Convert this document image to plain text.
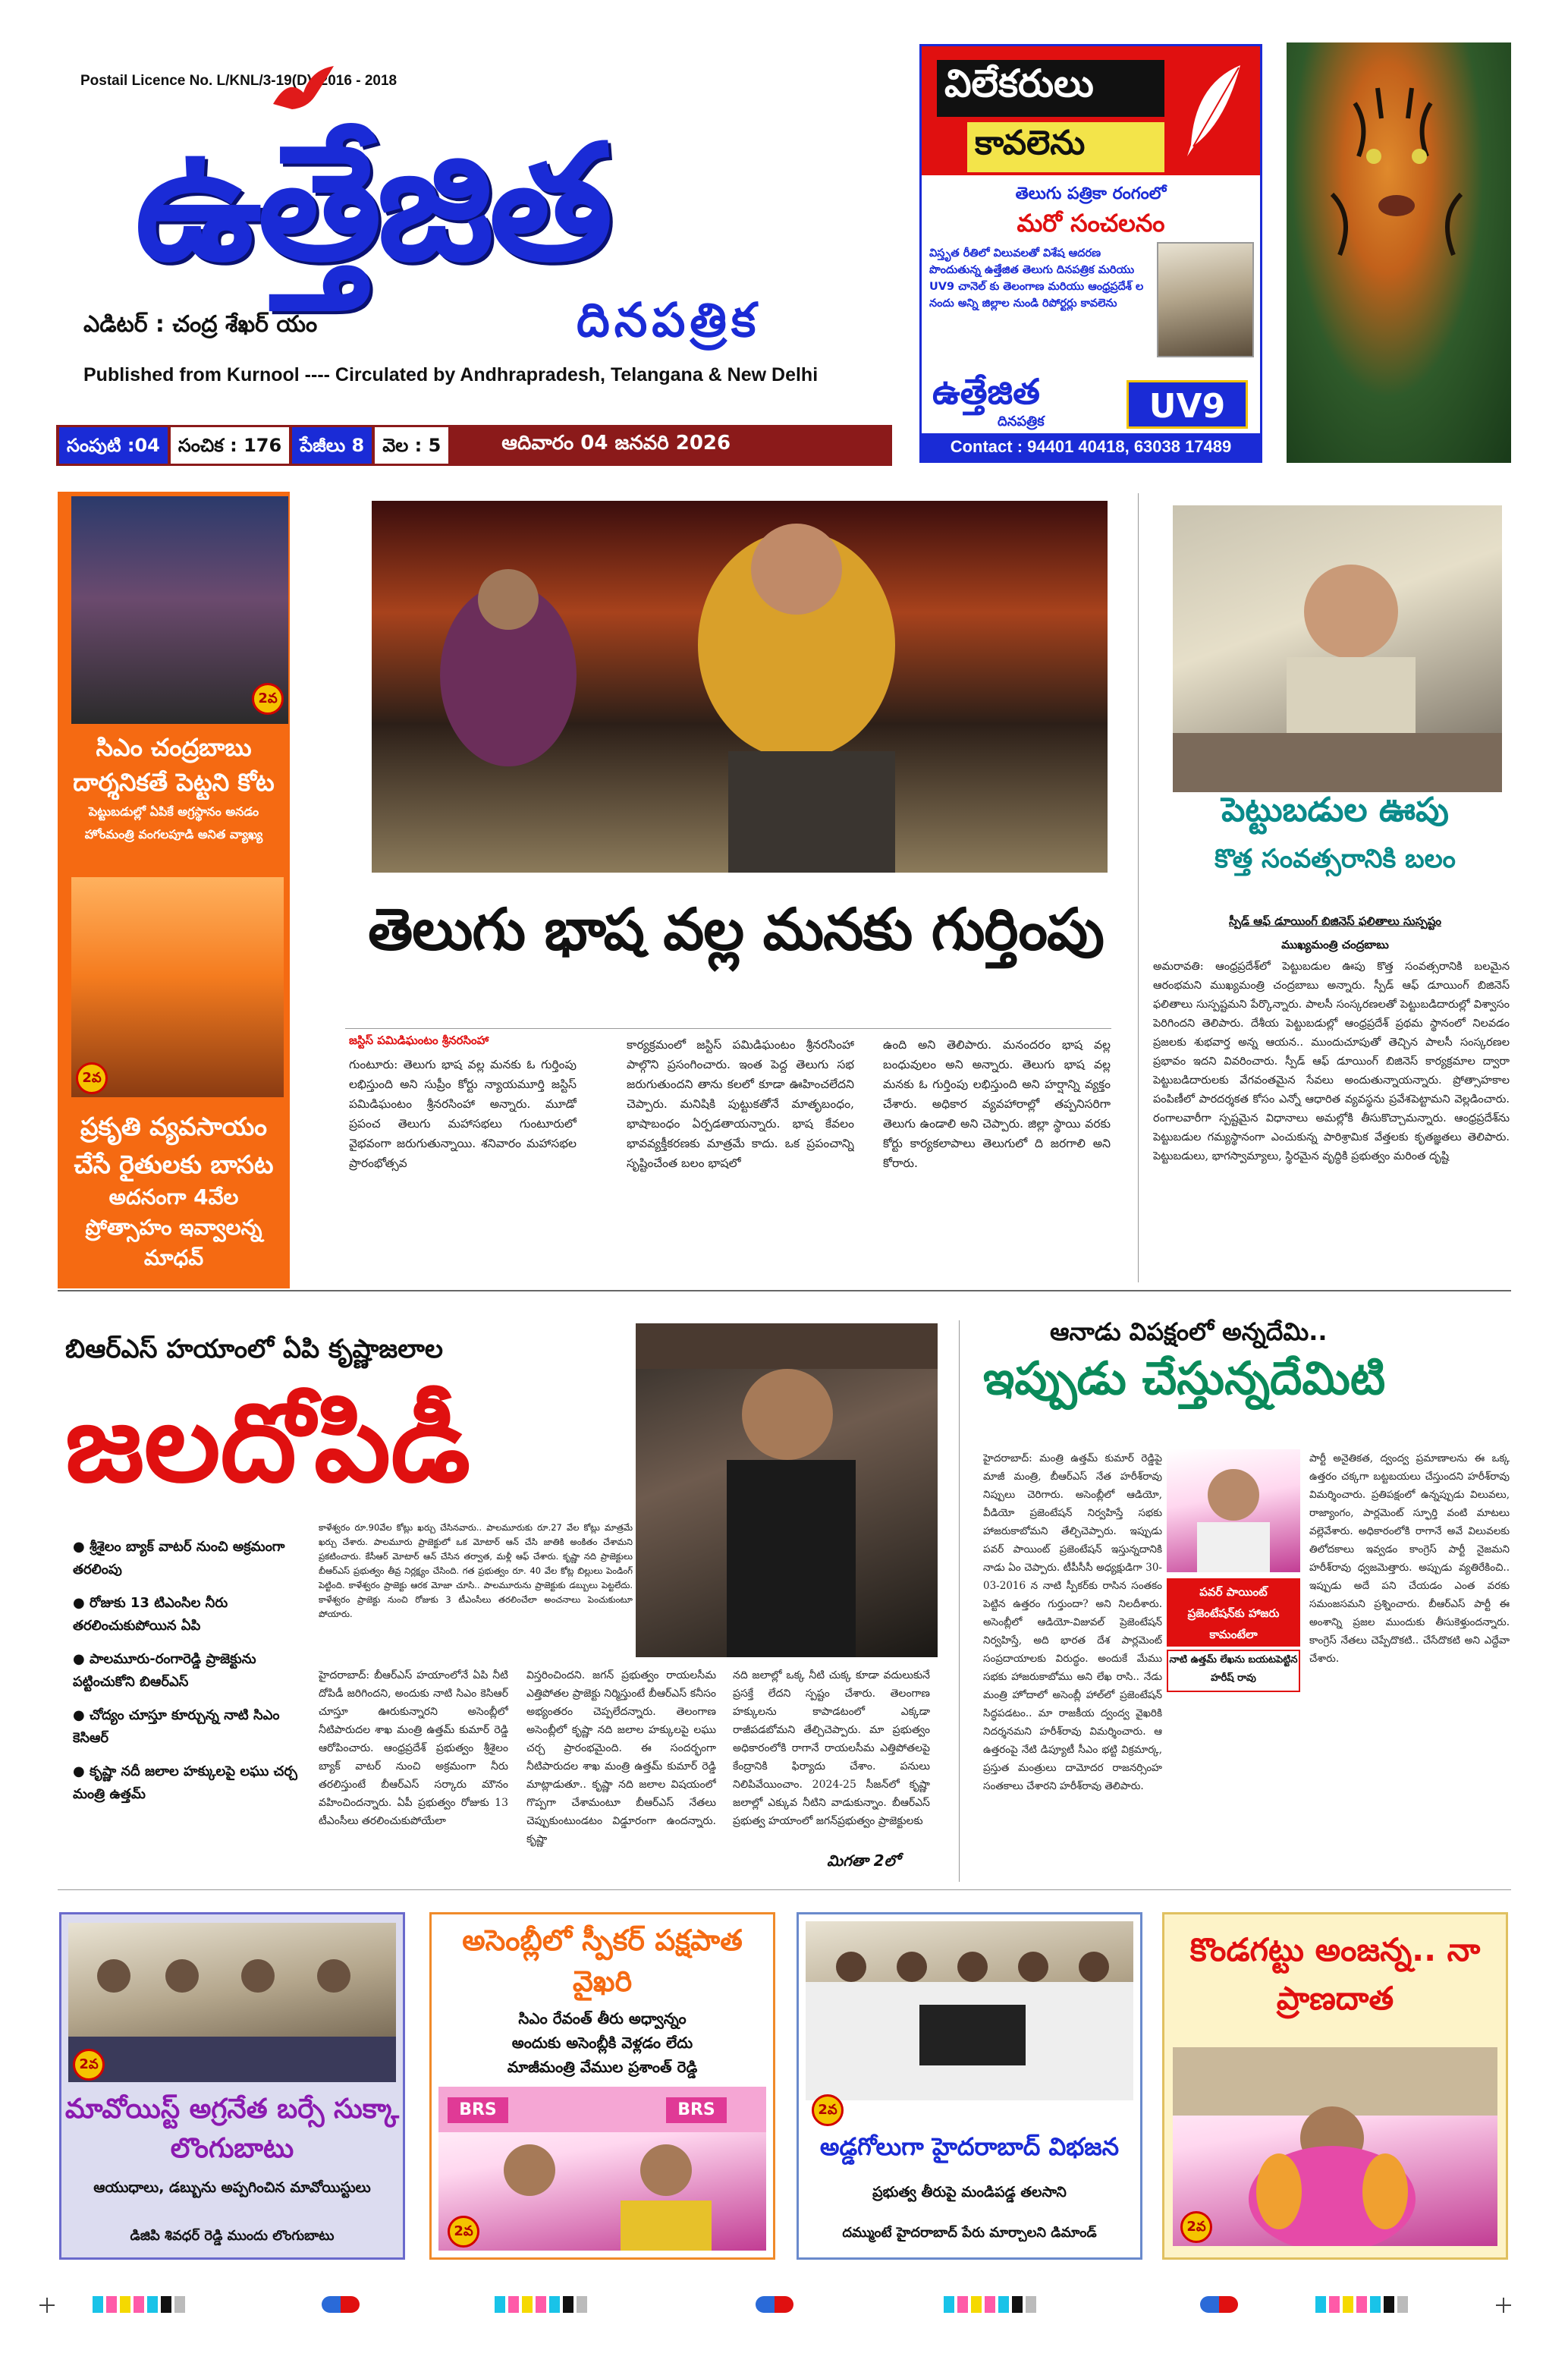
Postail Licence No. L/KNL/3-19(D). 2016 - 2018
ఉత్తేజిత
ఎడిటర్ : చంద్ర శేఖర్ యం	దినపత్రిక
Published from Kurnool ---- Circulated by Andhrapradesh, Telangana & New Delhi
సంపుటి :04	సంచిక : 176	పేజీలు 8	వెల : 5	ఆదివారం 04 జనవరి 2026
విలేకరులు
కావలెను
తెలుగు పత్రికా రంగంలో
మరో సంచలనం
విస్తృత రీతిలో విలువలతో విశేష ఆదరణ పొందుతున్న ఉత్తేజిత తెలుగు దినపత్రిక మరియు UV9 చానెల్ కు తెలంగాణ మరియు ఆంధ్రప్రదేశ్ ల నందు అన్ని జిల్లాల నుండి రిపోర్టర్లు కావలెను
ఉత్తేజిత
దినపత్రిక	UV9
Contact : 94401 40418, 63038 17489
2వ
సిఎం చంద్రబాబు దార్శనికతే పెట్టని కోట
పెట్టుబడుల్లో ఏపికే అగ్రస్థానం అనడం
హోంమంత్రి వంగలపూడి అనిత వ్యాఖ్య
2వ
ప్రకృతి వ్యవసాయం చేసే రైతులకు బాసట
అదనంగా 4వేల ప్రోత్సాహం ఇవ్వాలన్న మాధవ్
తెలుగు భాష వల్ల మనకు గుర్తింపు
జస్టిస్ పమిడిఘంటం శ్రీనరసింహా
గుంటూరు: తెలుగు భాష వల్ల మనకు ఓ గుర్తింపు లభిస్తుంది అని సుప్రీం కోర్టు న్యాయమూర్తి జస్టిస్ పమిడిఘంటం శ్రీనరసింహా అన్నారు. మూడో ప్రపంచ తెలుగు మహాసభలు గుంటూరులో వైభవంగా జరుగుతున్నాయి. శనివారం మహాసభల ప్రారంభోత్సవ
కార్యక్రమంలో జస్టిస్ పమిడిఘంటం శ్రీనరసింహా పాల్గొని ప్రసంగించారు. ఇంత పెద్ద తెలుగు సభ జరుగుతుందని తాను కలలో కూడా ఊహించలేదని చెప్పారు. మనిషికి పుట్టుకతోనే మాతృబంధం, భాషాబంధం ఏర్పడతాయన్నారు. భాష కేవలం భావవ్యక్తీకరణకు మాత్రమే కాదు. ఒక ప్రపంచాన్ని సృష్టించేంత బలం భాషలో
ఉంది అని తెలిపారు. మనందరం భాష వల్ల బంధువులం అని అన్నారు. తెలుగు భాష వల్ల మనకు ఓ గుర్తింపు లభిస్తుంది అని హర్షాన్ని వ్యక్తం చేశారు. అధికార వ్యవహారాల్లో తప్పనిసరిగా తెలుగు ఉండాలి అని చెప్పారు. జిల్లా స్థాయి వరకు కోర్టు కార్యకలాపాలు తెలుగులో ది జరగాలి అని కోరారు.
పెట్టుబడుల ఊపు
కొత్త సంవత్సరానికి బలం
స్పీడ్ ఆఫ్ డూయింగ్ బిజినెస్ ఫలితాలు సుస్పష్టం
ముఖ్యమంత్రి చంద్రబాబు
అమరావతి: ఆంధ్రప్రదేశ్‌లో పెట్టుబడుల ఊపు కొత్త సంవత్సరానికి బలమైన ఆరంభమని ముఖ్యమంత్రి చంద్రబాబు అన్నారు. స్పీడ్ ఆఫ్ డూయింగ్ బిజినెస్ ఫలితాలు సుస్పష్టమని పేర్కొన్నారు. పాలసీ సంస్కరణలతో పెట్టుబడిదారుల్లో విశ్వాసం పెరిగిందని తెలిపారు. దేశీయ పెట్టుబడుల్లో ఆంధ్రప్రదేశ్ ప్రథమ స్థానంలో నిలవడం ప్రజలకు శుభవార్త అన్న ఆయన.. ముందుచూపుతో తెచ్చిన పాలసీ సంస్కరణల ప్రభావం ఇదని వివరించారు. స్పీడ్ ఆఫ్ డూయింగ్ బిజినెస్ కార్యక్రమాల ద్వారా పెట్టుబడిదారులకు వేగవంతమైన సేవలు అందుతున్నాయన్నారు. ప్రోత్సాహకాల పంపిణీలో పారదర్శకత కోసం ఎన్నో ఆధారిత వ్యవస్థను ప్రవేశపెట్టామని వెల్లడించారు. రంగాలవారీగా స్పష్టమైన విధానాలు అమల్లోకి తీసుకొచ్చామన్నారు. ఆంధ్రప్రదేశ్‌ను పెట్టుబడుల గమ్యస్థానంగా ఎంచుకున్న పారిశ్రామిక వేత్తలకు కృతజ్ఞతలు తెలిపారు. పెట్టుబడులు, భాగస్వామ్యాలు, స్థిరమైన వృద్ధికి ప్రభుత్వం మరింత దృష్టి
బిఆర్ఎస్ హయాంలో ఏపి కృష్ణాజలాల
జలదోపిడీ
● శ్రీశైలం బ్యాక్ వాటర్ నుంచి అక్రమంగా తరలింపు
● రోజుకు 13 టిఎంసిల నీరు తరలించుకుపోయిన ఏపి
● పాలమూరు-రంగారెడ్డి ప్రాజెక్టును పట్టించుకోని బిఆర్ఎస్
● చోద్యం చూస్తూ కూర్చున్న నాటి సిఎం కెసిఆర్
● కృష్ణా నదీ జలాల హక్కులపై లఘు చర్చ మంత్రి ఉత్తమ్
కాళేశ్వరం రూ.90వేల కోట్లు ఖర్చు చేసినవారు.. పాలమూరుకు రూ.27 వేల కోట్లు మాత్రమే ఖర్చు చేశారు. పాలమూరు ప్రాజెక్టులో ఒక మోటార్ ఆన్ చేసి జాతికి అంకితం చేశామని ప్రకటించారు. కేసీఆర్ మోటార్ ఆన్ చేసిన తర్వాత, మళ్లీ ఆఫ్ చేశారు. కృష్ణా నది ప్రాజెక్టులు బీఆర్ఎస్ ప్రభుత్వం తీవ్ర నిర్లక్ష్యం చేసింది. గత ప్రభుత్వం రూ. 40 వేల కోట్ల బిల్లులు పెండింగ్ పెట్టింది. కాళేశ్వరం ప్రాజెక్టు ఆరక మోజా చూసి.. పాలమూరును ప్రాజెక్టుకు డబ్బులు పెట్టలేదు. కాళేశ్వరం ప్రాజెక్టు నుంచి రోజుకు 3 టీఎంసీలు తరలించేలా అంచనాలు పెంచుకుంటూ పోయారు.
హైదరాబాద్: బీఆర్ఎస్ హయాంలోనే ఏపి నీటి దోపిడీ జరిగిందని, అందుకు నాటి సిఎం కెసిఆర్ చూస్తూ ఊరుకున్నారని అసెంబ్లీలో నీటిపారుదల శాఖ మంత్రి ఉత్తమ్ కుమార్ రెడ్డి ఆరోపించారు. ఆంధ్రప్రదేశ్ ప్రభుత్వం శ్రీశైలం బ్యాక్ వాటర్ నుంచి అక్రమంగా నీరు తరలిస్తుంటే బీఆర్ఎస్ సర్కారు మౌనం వహించిందన్నారు. ఏపీ ప్రభుత్వం రోజుకు 13 టీఎంసీలు తరలించుకుపోయేలా
విస్తరించిందని. జగన్ ప్రభుత్వం రాయలసీమ ఎత్తిపోతల ప్రాజెక్టు నిర్మిస్తుంటే బీఆర్ఎస్ కనీసం అభ్యంతరం చెప్పలేదన్నారు. తెలంగాణ అసెంబ్లీలో కృష్ణా నది జలాల హక్కులపై లఘు చర్చ ప్రారంభమైంది. ఈ సందర్భంగా నీటిపారుదల శాఖ మంత్రి ఉత్తమ్ కుమార్ రెడ్డి మాట్లాడుతూ.. కృష్ణా నది జలాల విషయంలో గొప్పగా చేశామంటూ బీఆర్ఎస్ నేతలు చెప్పుకుంటుండటం విడ్డూరంగా ఉందన్నారు. కృష్ణా
నది జలాల్లో ఒక్క నీటి చుక్క కూడా వదులుకునే ప్రసక్తే లేదని స్పష్టం చేశారు. తెలంగాణ హక్కులను కాపాడటంలో ఎక్కడా రాజీపడబోమని తేల్చిచెప్పారు. మా ప్రభుత్వం అధికారంలోకి రాగానే రాయలసీమ ఎత్తిపోతలపై కేంద్రానికి ఫిర్యాదు చేశాం. పనులు నిలిపివేయించాం. 2024-25 సీజన్‌లో కృష్ణా జలాల్లో ఎక్కువ నీటిని వాడుకున్నాం. బీఆర్ఎస్ ప్రభుత్వ హయాంలో జగన్‌ప్రభుత్వం ప్రాజెక్టులకు
మిగతా 2లో
ఆనాడు విపక్షంలో అన్నదేమి..
ఇప్పుడు చేస్తున్నదేమిటి
పవర్ పాయింట్ ప్రజెంటేషన్‌కు హాజరు కామంటేలా
నాటి ఉత్తమ్ లేఖను బయటపెట్టిన హరీష్ రావు
హైదరాబాద్: మంత్రి ఉత్తమ్ కుమార్ రెడ్డిపై మాజీ మంత్రి, బీఆర్ఎస్ నేత హరీశ్‌రావు నిప్పులు చెరిగారు. అసెంబ్లీలో ఆడియో, వీడియో ప్రజెంటేషన్ నిర్వహిస్తే సభకు హాజరుకాబోమని తేల్చిచెప్పారు. ఇప్పుడు పవర్ పాయింట్ ప్రజెంటేషన్ ఇస్తున్నదానికి నాడు ఏం చెప్పారు. టీపీసీసీ అధ్యక్షుడిగా 30-03-2016 న నాటి స్పీకర్‌కు రాసిన సంతకం పెట్టిన ఉత్తరం గుర్తుందా? అని నిలదీశారు. అసెంబ్లీలో ఆడియో-విజువల్ ప్రెజెంటేషన్ నిర్వహిస్తే, అది భారత దేశ పార్లమెంట్ సంప్రదాయాలకు విరుద్ధం. అందుకే మేము సభకు హాజరుకాబోము అని లేఖ రాసి.. నేడు మంత్రి హోదాలో అసెంబ్లీ హాల్‌లో ప్రజెంటేషన్ సిద్ధపడటం.. మా రాజకీయ ద్వంద్వ వైఖరికి నిదర్శనమని హరీశ్‌రావు విమర్శించారు. ఆ ఉత్తరంపై నేటి డిప్యూటీ సీఎం భట్టి విక్రమార్క, ప్రస్తుత మంత్రులు దామోదర రాజనర్సింహ సంతకాలు చేశారని హరీశ్‌రావు తెలిపారు.
పార్టీ అనైతికత, ద్వంద్వ ప్రమాణాలను ఈ ఒక్క ఉత్తరం చక్కగా బట్టబయలు చేస్తుందని హరీశ్‌రావు విమర్శించారు. ప్రతిపక్షంలో ఉన్నప్పుడు విలువలు, రాజ్యాంగం, పార్లమెంట్ స్ఫూర్తి వంటి మాటలు వల్లెవేశారు. అధికారంలోకి రాగానే అవే విలువలకు తిలోదకాలు ఇవ్వడం కాంగ్రెస్ పార్టీ నైజమని హరీశ్‌రావు ధ్వజమెత్తారు. అప్పుడు వ్యతిరేకించి.. ఇప్పుడు అదే పని చేయడం ఎంత వరకు సమంజసమని ప్రశ్నించారు. బీఆర్ఎస్ పార్టీ ఈ అంశాన్ని ప్రజల ముందుకు తీసుకెళ్తుందన్నారు. కాంగ్రెస్ నేతలు చెప్పేదొకటి.. చేసేదొకటి అని ఎద్దేవా చేశారు.
2వ
మావోయిస్ట్ అగ్రనేత బర్సే సుక్కా లొంగుబాటు
ఆయుధాలు, డబ్బును అప్పగించిన మావోయిస్టులు
డిజిపి శివధర్ రెడ్డి ముందు లొంగుబాటు
అసెంబ్లీలో స్పీకర్ పక్షపాత వైఖరి
సిఎం రేవంత్ తీరు అధ్వాన్నం
అందుకు అసెంబ్లీకి వెళ్లడం లేదు
మాజీమంత్రి వేముల ప్రశాంత్ రెడ్డి
BRS	BRS
2వ
2వ
అడ్డగోలుగా హైదరాబాద్ విభజన
ప్రభుత్వ తీరుపై మండిపడ్డ తలసాని
దమ్ముంటే హైదరాబాద్ పేరు మార్చాలని డిమాండ్
కొండగట్టు అంజన్న.. నా ప్రాణదాత
2వ
